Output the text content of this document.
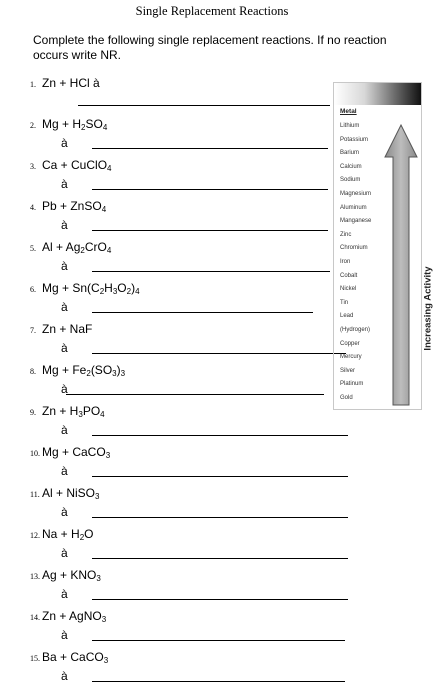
Single Replacement Reactions
Complete the following single replacement reactions. If no reaction occurs write NR.
1. Zn + HCl à
2. $Mg + H_2SO_4$
à
3. Ca + CuClO$_4$
à
4. Pb + ZnSO$_4$
à
5. $Al + Ag_2CrO_4$
à
6. $Mg + Sn(C_2H_3O_2)_4$
à
7. Zn + NaF
à
8. $Mg + Fe_2(SO_3)_3$
à
9. $Zn + H_3PO_4$
à
10. Mg + CaCO$_3$
à
11. Al + NiSO$_3$
à
12. $Na + H_2O$
à
13. $Ag + KNO_3$
à
14. Zn + AgNO$_3$
à
15. Ba + CaCO$_3$
à
Metal
Lithium
Potassium
Barium
Calcium
Sodium
Magnesium
Aluminum
Manganese
Zinc
Chromium
Iron
Cobalt
Nickel
Tin
Lead
(Hydrogen)
Copper
Mercury
Silver
Platinum
Gold
Increasing Activity
